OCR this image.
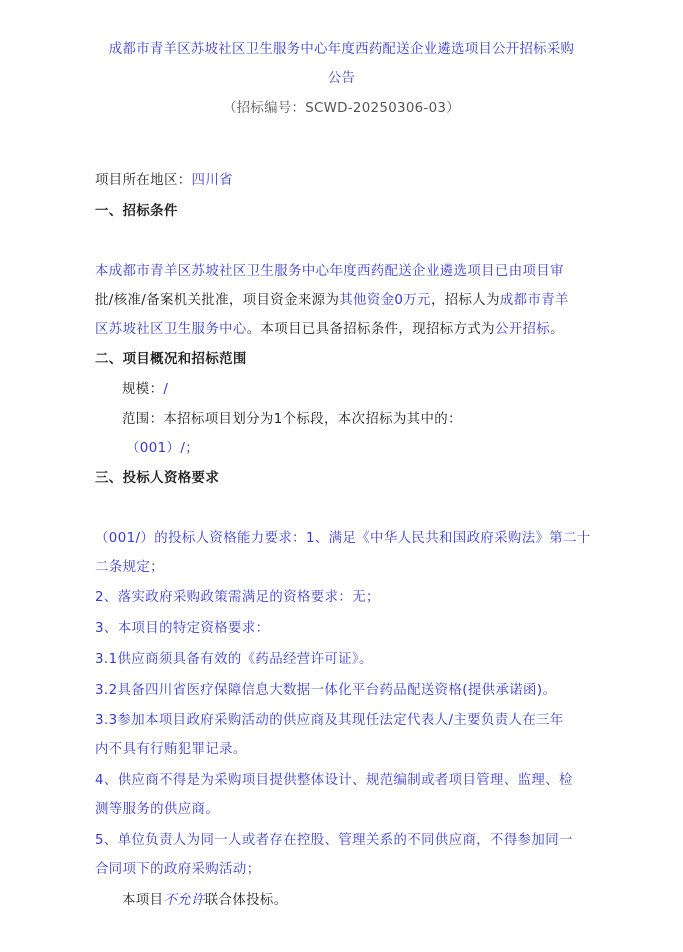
成都市青羊区苏坡社区卫生服务中心年度西药配送企业遴选项目公开招标采购
公告
（招标编号：SCWD-20250306-03）
项目所在地区：四川省
一、招标条件
本成都市青羊区苏坡社区卫生服务中心年度西药配送企业遴选项目已由项目审
批/核准/备案机关批准，项目资金来源为其他资金0万元，招标人为成都市青羊
区苏坡社区卫生服务中心。本项目已具备招标条件，现招标方式为公开招标。
二、项目概况和招标范围
规模：/
范围：本招标项目划分为1个标段，本次招标为其中的：
（001）/；
三、投标人资格要求
（001/）的投标人资格能力要求：1、满足《中华人民共和国政府采购法》第二十
二条规定；
2、落实政府采购政策需满足的资格要求：无；
3、本项目的特定资格要求：
3.1供应商须具备有效的《药品经营许可证》。
3.2具备四川省医疗保障信息大数据一体化平台药品配送资格(提供承诺函)。
3.3参加本项目政府采购活动的供应商及其现任法定代表人/主要负责人在三年
内不具有行贿犯罪记录。
4、供应商不得是为采购项目提供整体设计、规范编制或者项目管理、监理、检
测等服务的供应商。
5、单位负责人为同一人或者存在控股、管理关系的不同供应商，不得参加同一
合同项下的政府采购活动；
本项目不允许联合体投标。
